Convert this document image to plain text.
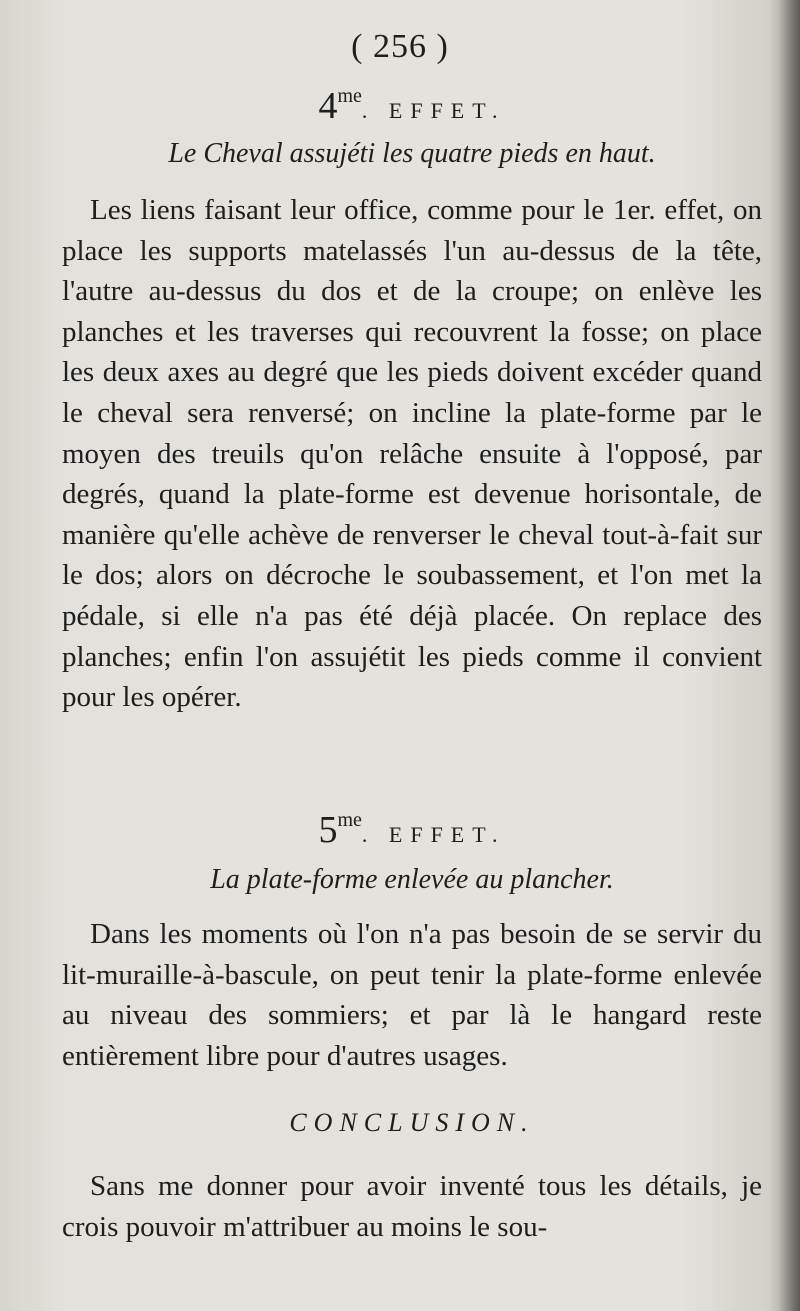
( 256 )
$4^{me}$. EFFET.
Le Cheval assujéti les quatre pieds en haut.

Les liens faisant leur office, comme pour le 1er. effet, on place les supports matelassés l'un au-dessus de la tête, l'autre au-dessus du dos et de la croupe; on enlève les planches et les traverses qui recouvrent la fosse; on place les deux axes au degré que les pieds doivent excéder quand le cheval sera renversé; on incline la plate-forme par le moyen des treuils qu'on relâche ensuite à l'opposé, par degrés, quand la plate-forme est devenue horisontale, de manière qu'elle achève de renverser le cheval tout-à-fait sur le dos; alors on décroche le soubassement, et l'on met la pédale, si elle n'a pas été déjà placée. On replace des planches; enfin l'on assujétit les pieds comme il convient pour les opérer.

$5^{me}$. EFFET.
La plate-forme enlevée au plancher.

Dans les moments où l'on n'a pas besoin de se servir du lit-muraille-à-bascule, on peut tenir la plate-forme enlevée au niveau des sommiers; et par là le hangard reste entièrement libre pour d'autres usages.

CONCLUSION.

Sans me donner pour avoir inventé tous les détails, je crois pouvoir m'attribuer au moins le sou-
